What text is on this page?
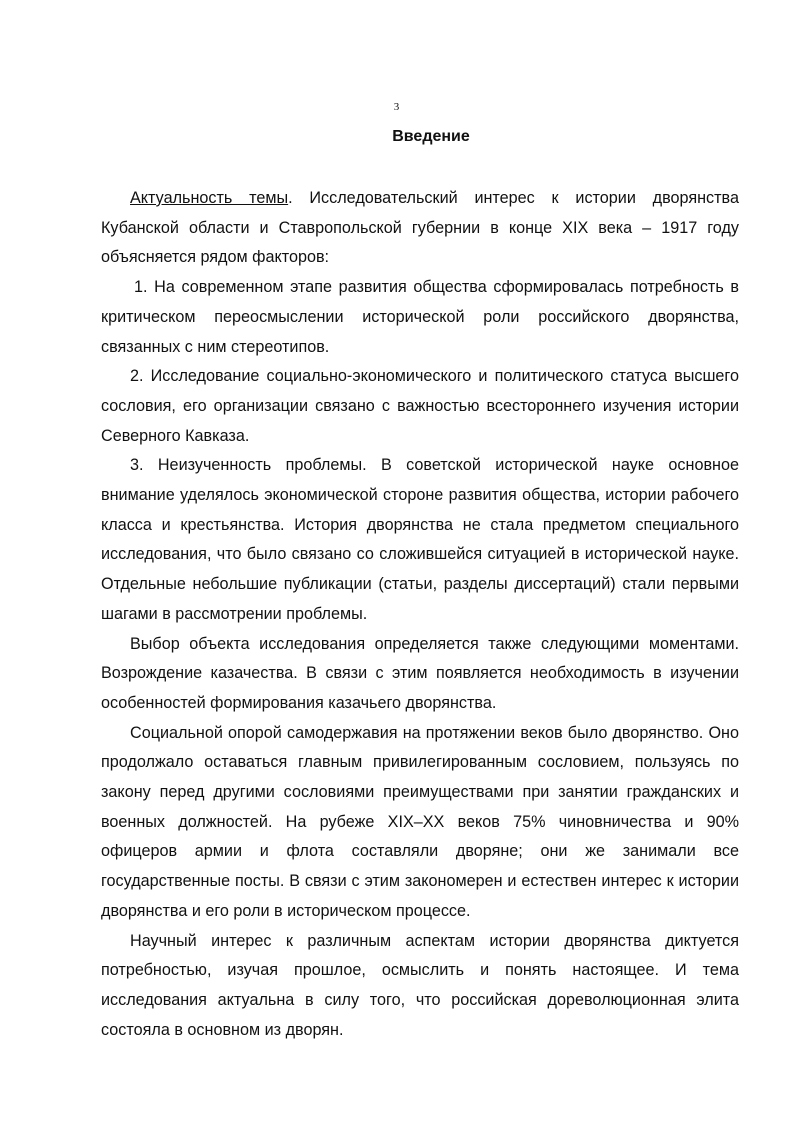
3
Введение

Актуальность темы. Исследовательский интерес к истории дворянства Кубанской области и Ставропольской губернии в конце XIX века – 1917 году объясняется рядом факторов:

1. На современном этапе развития общества сформировалась потребность в критическом переосмыслении исторической роли российского дворянства, связанных с ним стереотипов.

2. Исследование социально-экономического и политического статуса высшего сословия, его организации связано с важностью всестороннего изучения истории Северного Кавказа.

3. Неизученность проблемы. В советской исторической науке основное внимание уделялось экономической стороне развития общества, истории рабочего класса и крестьянства. История дворянства не стала предметом специального исследования, что было связано со сложившейся ситуацией в исторической науке. Отдельные небольшие публикации (статьи, разделы диссертаций) стали первыми шагами в рассмотрении проблемы.

Выбор объекта исследования определяется также следующими моментами. Возрождение казачества. В связи с этим появляется необходимость в изучении особенностей формирования казачьего дворянства.

Социальной опорой самодержавия на протяжении веков было дворянство. Оно продолжало оставаться главным привилегированным сословием, пользуясь по закону перед другими сословиями преимуществами при занятии гражданских и военных должностей. На рубеже XIX–XX веков 75% чиновничества и 90% офицеров армии и флота составляли дворяне; они же занимали все государственные посты. В связи с этим закономерен и естествен интерес к истории дворянства и его роли в историческом процессе.

Научный интерес к различным аспектам истории дворянства диктуется потребностью, изучая прошлое, осмыслить и понять настоящее. И тема исследования актуальна в силу того, что российская дореволюционная элита состояла в основном из дворян.
